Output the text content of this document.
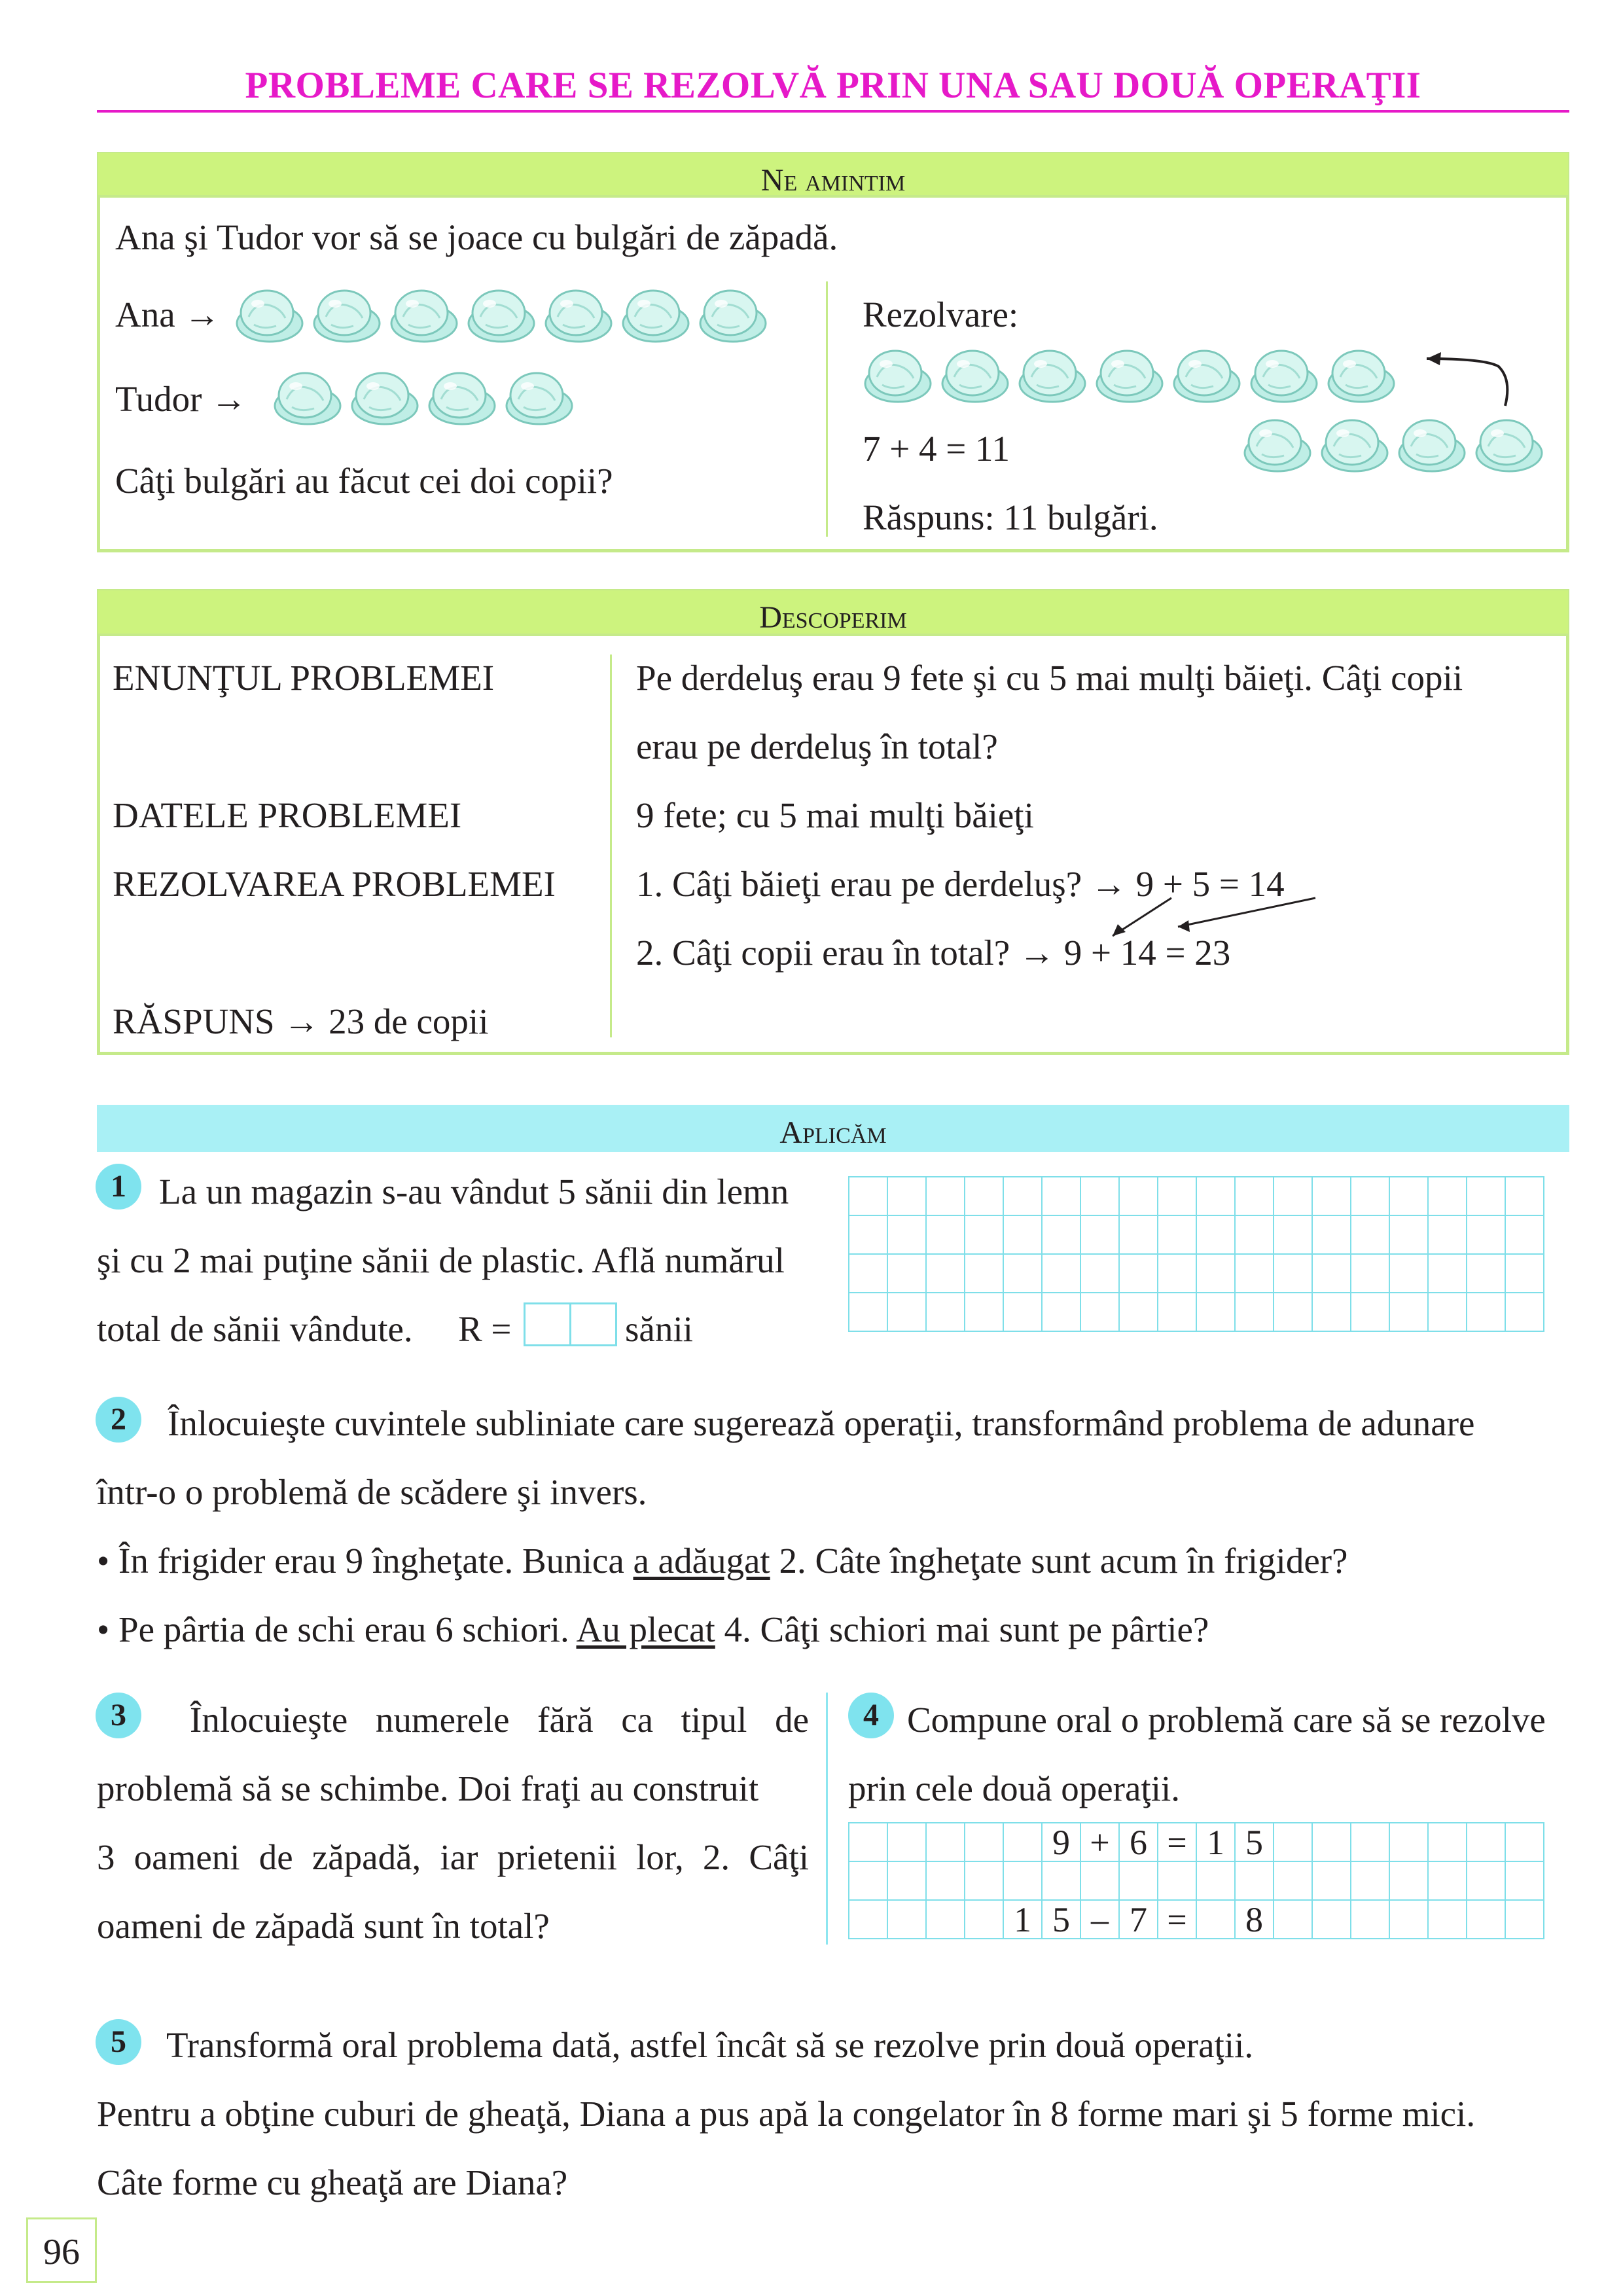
PROBLEME CARE SE REZOLVĂ PRIN UNA SAU DOUĂ OPERAŢII
Ne amintim
Ana şi Tudor vor să se joace cu bulgări de zăpadă.
Ana →
Tudor →
Câţi bulgări au făcut cei doi copii?
Rezolvare:
7 + 4 = 11
Răspuns: 11 bulgări.
Descoperim
ENUNŢUL PROBLEMEI	Pe derdeluş erau 9 fete şi cu 5 mai mulţi băieţi. Câţi copii
erau pe derdeluş în total?
DATELE PROBLEMEI	9 fete; cu 5 mai mulţi băieţi
REZOLVAREA PROBLEMEI 1. Câţi băieţi erau pe derdeluş? → 9 + 5 = 14
2. Câţi copii erau în total? → 9 + 14 = 23
RĂSPUNS → 23 de copii
Aplicăm
1 La un magazin s-au vândut 5 sănii din lemn
şi cu 2 mai puţine sănii de plastic. Află numărul
total de sănii vândute. R =
		sănii

2	Înlocuieşte cuvintele subliniate care sugerează operaţii, transformând problema de adunare
într-o o problemă de scădere şi invers.
• În frigider erau 9 îngheţate. Bunica a adăugat 2. Câte îngheţate sunt acum în frigider?
• Pe pârtia de schi erau 6 schiori. Au plecat 4. Câţi schiori mai sunt pe pârtie?
3	Înlocuieşte numerele fără ca tipul de
problemă să se schimbe. Doi fraţi au construit
3 oameni de zăpadă, iar prietenii lor, 2. Câţi
oameni de zăpadă sunt în total?
4 Compune oral o problemă care să se rezolve
prin cele două operaţii.
					9	+	6	=	1	5							

				1	5	–	7	=		8							
5	Transformă oral problema dată, astfel încât să se rezolve prin două operaţii.
Pentru a obţine cuburi de gheaţă, Diana a pus apă la congelator în 8 forme mari şi 5 forme mici.
Câte forme cu gheaţă are Diana?
96
